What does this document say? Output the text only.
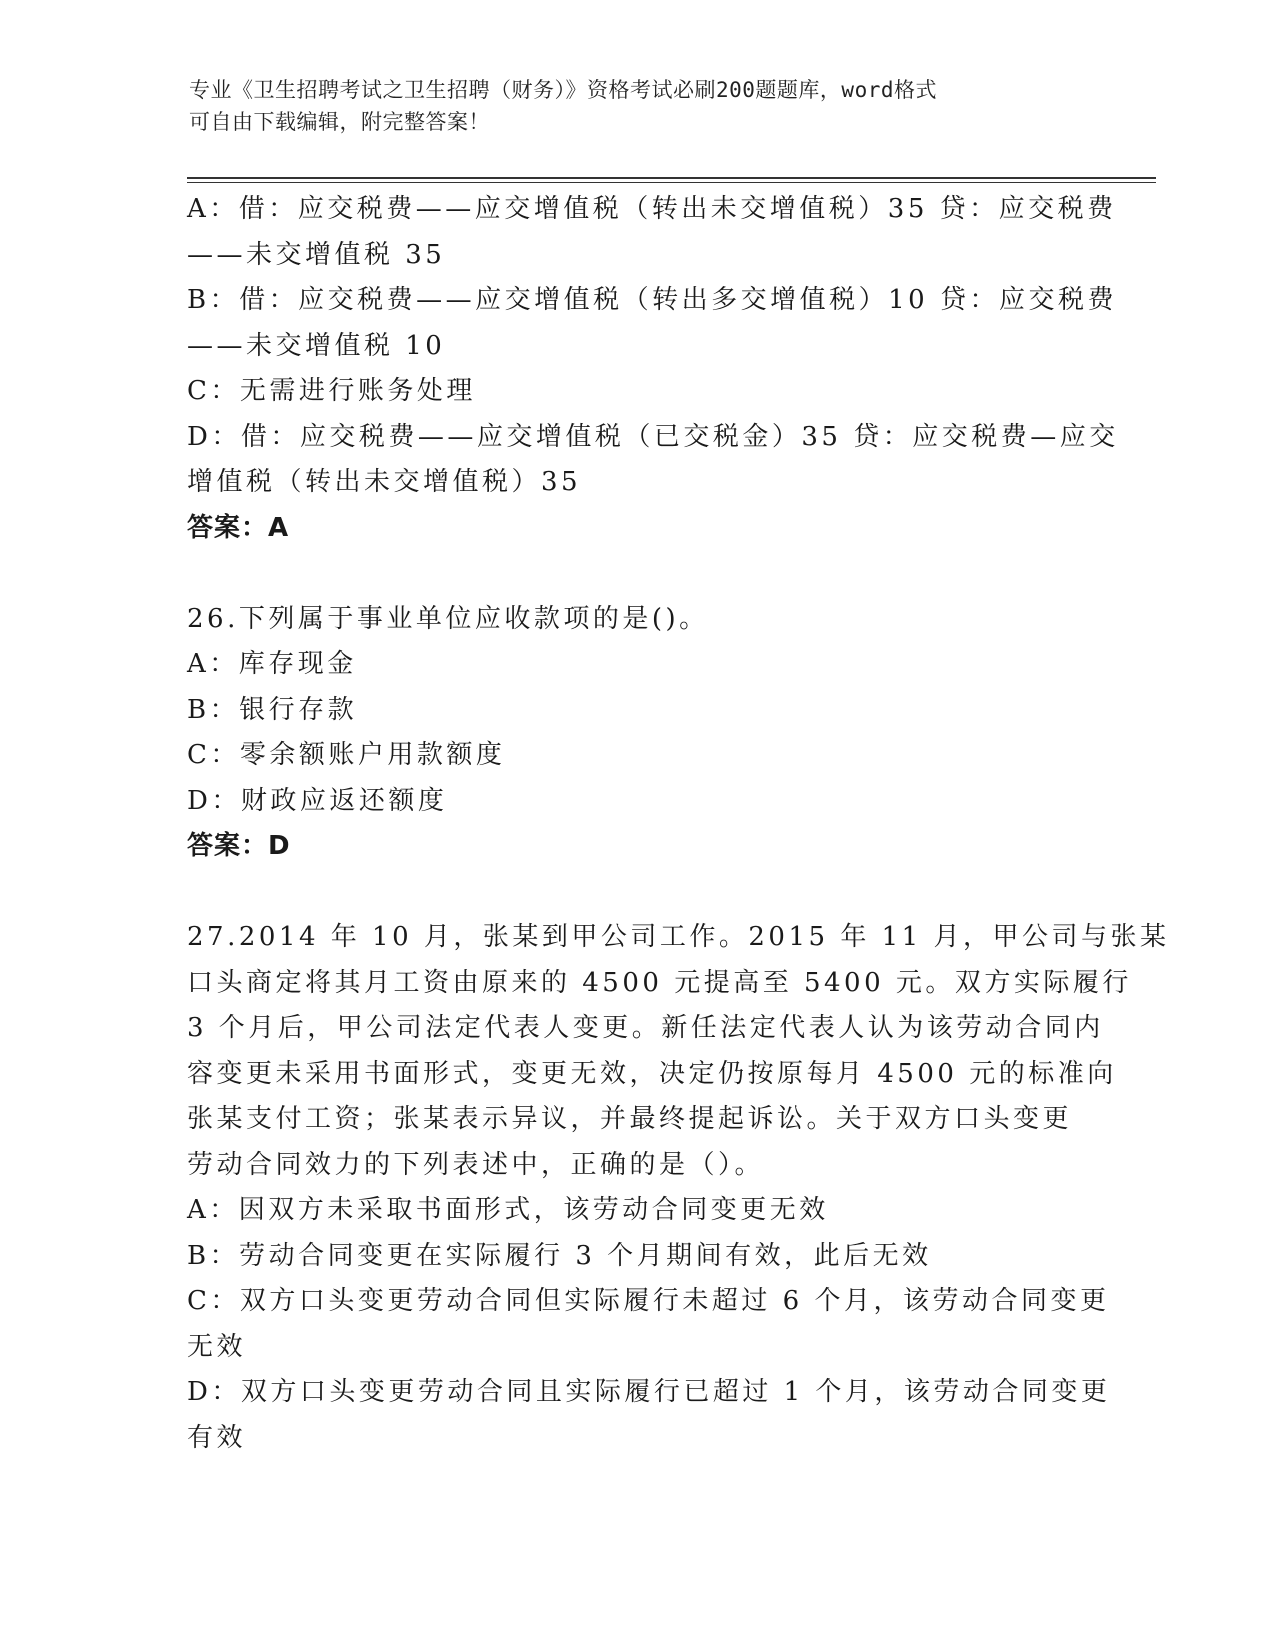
专业《卫生招聘考试之卫生招聘（财务）》资格考试必刷200题题库，word格式
可自由下载编辑，附完整答案！
A：借：应交税费——应交增值税（转出未交增值税）35 贷：应交税费
——未交增值税 35
B：借：应交税费——应交增值税（转出多交增值税）10 贷：应交税费
——未交增值税 10
C：无需进行账务处理
D：借：应交税费——应交增值税（已交税金）35 贷：应交税费—应交
增值税（转出未交增值税）35
答案：A
26.下列属于事业单位应收款项的是()。
A：库存现金
B：银行存款
C：零余额账户用款额度
D：财政应返还额度
答案：D
27.2014 年 10 月，张某到甲公司工作。2015 年 11 月，甲公司与张某
口头商定将其月工资由原来的 4500 元提高至 5400 元。双方实际履行
3 个月后，甲公司法定代表人变更。新任法定代表人认为该劳动合同内
容变更未采用书面形式，变更无效，决定仍按原每月 4500 元的标准向
张某支付工资；张某表示异议，并最终提起诉讼。关于双方口头变更
劳动合同效力的下列表述中，正确的是（）。
A：因双方未采取书面形式，该劳动合同变更无效
B：劳动合同变更在实际履行 3 个月期间有效，此后无效
C：双方口头变更劳动合同但实际履行未超过 6 个月，该劳动合同变更
无效
D：双方口头变更劳动合同且实际履行已超过 1 个月，该劳动合同变更
有效
